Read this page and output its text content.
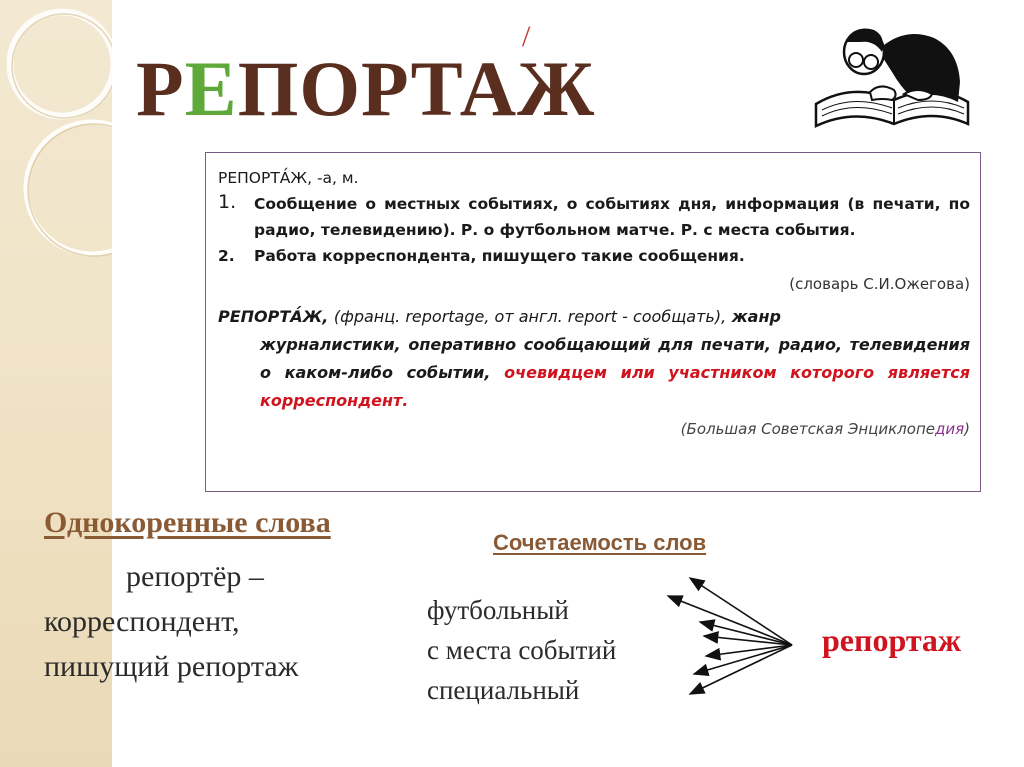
РЕПОРТАЖ
/
РЕПОРТА́Ж, -а, м.
1.	Сообщение о местных событиях, о событиях дня, информация (в печати, по радио, телевидению). Р. о футбольном матче. Р. с места события.
2.	Работа корреспондента, пишущего такие сообщения.
(словарь С.И.Ожегова)
РЕПОРТА́Ж, (франц. reportage, от англ. report - сообщать), жанр
журналистики, оперативно сообщающий для печати, радио, телевидения о каком-либо событии, очевидцем или участником которого является корреспондент.
(Большая Советская Энциклопедия)
Однокоренные слова
репортёр –
корреспондент,
пишущий репортаж
Сочетаемость слов
футбольный
с места событий
специальный
репортаж
